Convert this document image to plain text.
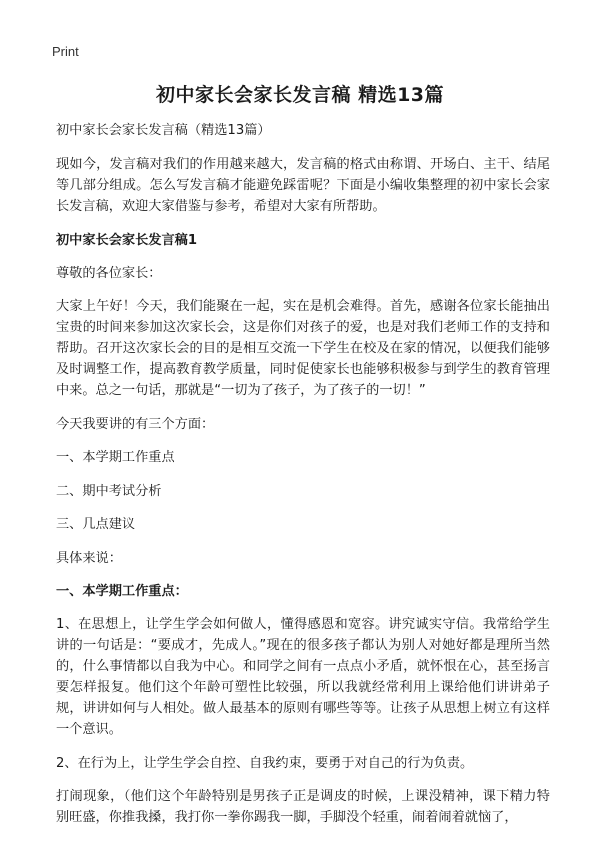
Print
初中家长会家长发言稿 精选13篇

初中家长会家长发言稿（精选13篇）

现如今，发言稿对我们的作用越来越大，发言稿的格式由称谓、开场白、主干、结尾等几部分组成。怎么写发言稿才能避免踩雷呢？下面是小编收集整理的初中家长会家长发言稿，欢迎大家借鉴与参考，希望对大家有所帮助。

初中家长会家长发言稿1

尊敬的各位家长：

大家上午好！今天，我们能聚在一起，实在是机会难得。首先，感谢各位家长能抽出宝贵的时间来参加这次家长会，这是你们对孩子的爱，也是对我们老师工作的支持和帮助。召开这次家长会的目的是相互交流一下学生在校及在家的情况，以便我们能够及时调整工作，提高教育教学质量，同时促使家长也能够积极参与到学生的教育管理中来。总之一句话，那就是“一切为了孩子，为了孩子的一切！”

今天我要讲的有三个方面：

一、本学期工作重点

二、期中考试分析

三、几点建议

具体来说：

一、本学期工作重点：

1、在思想上，让学生学会如何做人，懂得感恩和宽容。讲究诚实守信。我常给学生讲的一句话是：“要成才，先成人。”现在的很多孩子都认为别人对她好都是理所当然的，什么事情都以自我为中心。和同学之间有一点点小矛盾，就怀恨在心，甚至扬言要怎样报复。他们这个年龄可塑性比较强，所以我就经常利用上课给他们讲讲弟子规，讲讲如何与人相处。做人最基本的原则有哪些等等。让孩子从思想上树立有这样一个意识。

2、在行为上，让学生学会自控、自我约束，要勇于对自己的行为负责。

打闹现象，（他们这个年龄特别是男孩子正是调皮的时候，上课没精神，课下精力特别旺盛，你推我搡，我打你一拳你踢我一脚，手脚没个轻重，闹着闹着就恼了，
